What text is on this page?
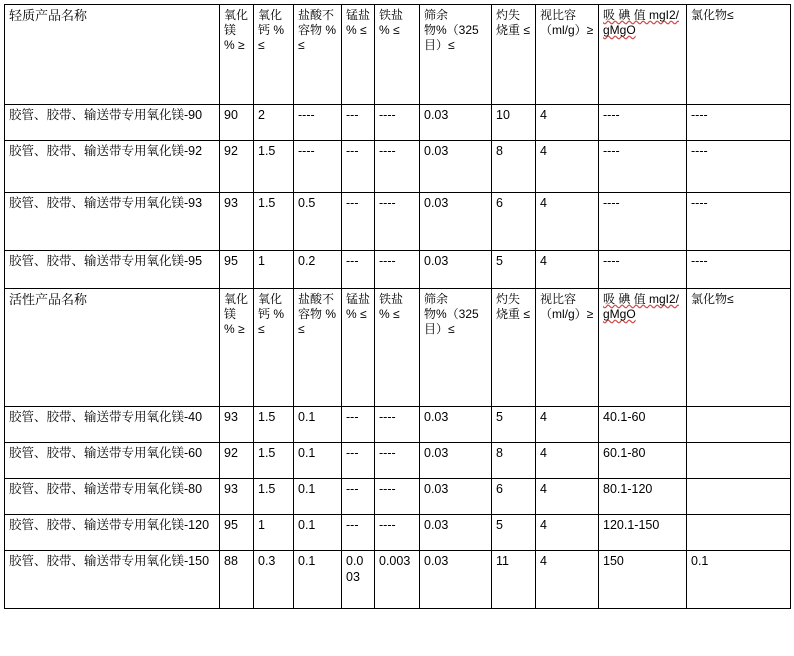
轻质产品名称	氧化镁 % ≥	氧化钙 % ≤	盐酸不容物 % ≤	锰盐 % ≤	铁盐 % ≤	筛余物%（325目）≤	灼失烧重 ≤	视比容（ml/g）≥	吸 碘 值 mgI2/gMgO	氯化物≤
胶管、胶带、输送带专用氧化镁-90	90	2	----	---	----	0.03	10	4	----	----
胶管、胶带、输送带专用氧化镁-92	92	1.5	----	---	----	0.03	8	4	----	----
胶管、胶带、输送带专用氧化镁-93	93	1.5	0.5	---	----	0.03	6	4	----	----
胶管、胶带、输送带专用氧化镁-95	95	1	0.2	---	----	0.03	5	4	----	----
活性产品名称	氧化镁 % ≥	氧化钙 % ≤	盐酸不容物 % ≤	锰盐 % ≤	铁盐 % ≤	筛余物%（325目）≤	灼失烧重 ≤	视比容（ml/g）≥	吸 碘 值 mgI2/gMgO	氯化物≤
胶管、胶带、输送带专用氧化镁-40	93	1.5	0.1	---	----	0.03	5	4	40.1-60	
胶管、胶带、输送带专用氧化镁-60	92	1.5	0.1	---	----	0.03	8	4	60.1-80	
胶管、胶带、输送带专用氧化镁-80	93	1.5	0.1	---	----	0.03	6	4	80.1-120	
胶管、胶带、输送带专用氧化镁-120	95	1	0.1	---	----	0.03	5	4	120.1-150	
胶管、胶带、输送带专用氧化镁-150	88	0.3	0.1	0.003	0.003	0.03	11	4	150	0.1
